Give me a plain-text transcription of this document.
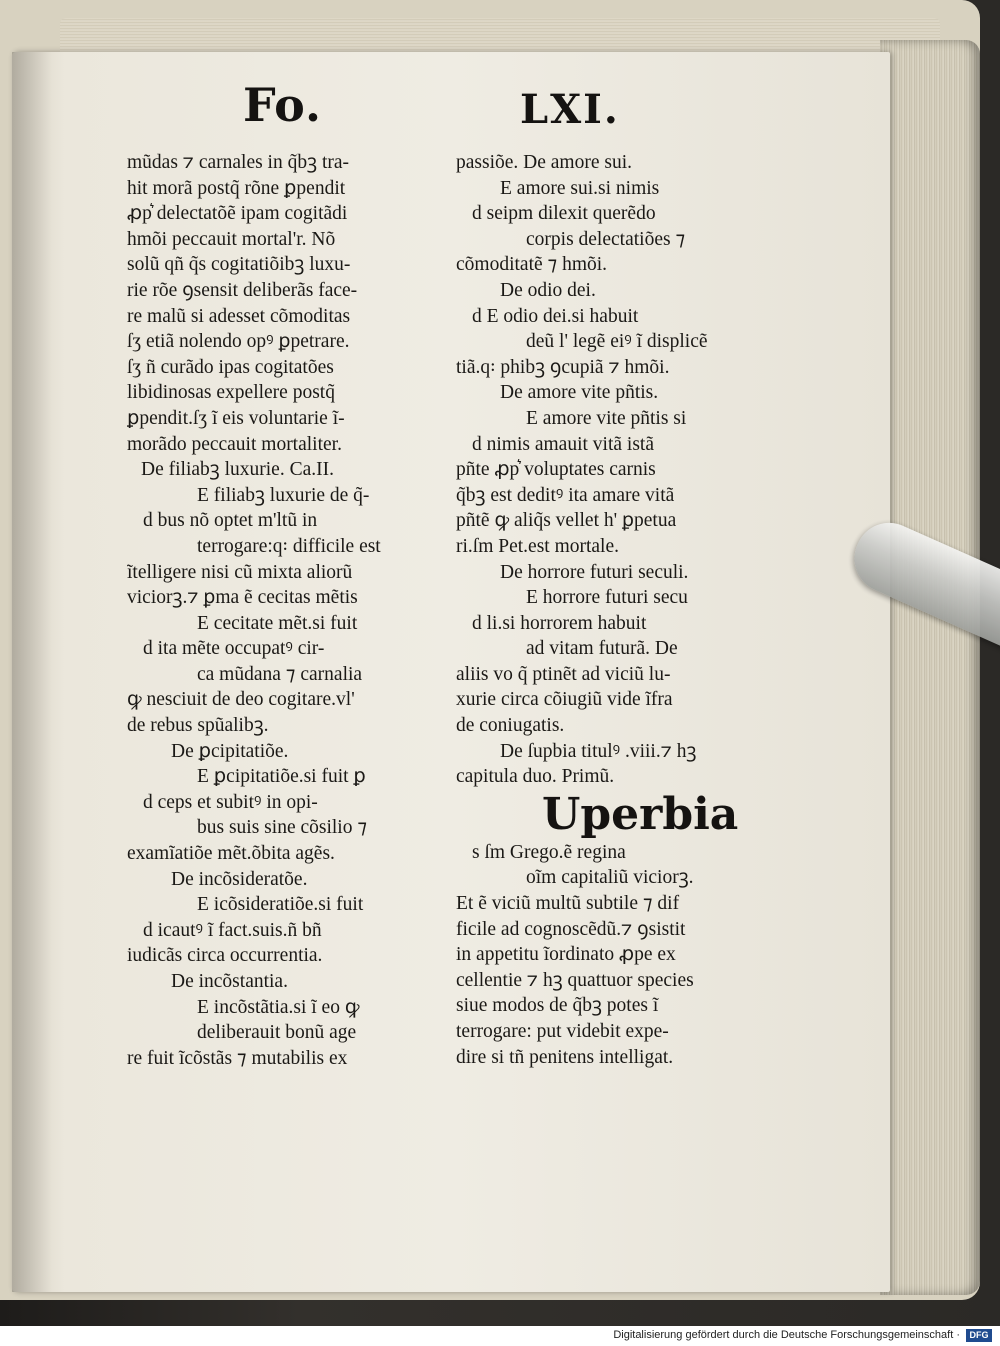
Fo.	LXI.
mũdas ⁊ carnales in q̃bꝫ tra-
hit morã postq̃ rõne ꝑpendit
ꝓp͛ delectatõẽ ipam cogitãdi
hmõi peccauit mortal'r. Nõ
solũ qñ q̃s cogitatiõibꝫ luxu-
rie rõe ꝯsensit deliberãs face-
re malũ si adesset cõmoditas
ſʒ etiã nolendo opꝰ ꝑpetrare.
ſʒ ñ curãdo ipas cogitatões
libidinosas expellere postq̃
ꝑpendit.ſʒ ĩ eis voluntarie ĩ-
morãdo peccauit mortaliter.
De filiabꝫ luxurie. Ca.II.
E filiabꝫ luxurie de q̃-
d bus nõ optet m'ltũ in
terrogare:q꞉ difficile est
ĩtelligere nisi cũ mixta aliorũ
viciorꝫ.⁊ ꝑma ẽ cecitas mẽtis
E cecitate mẽt.si fuit
d ita mẽte occupatꝰ cir-
ca mũdana ⁊ carnalia
ꝙ nesciuit de deo cogitare.vl'
de rebus spũalibꝫ.
De ꝑcipitatiõe.
E ꝑcipitatiõe.si fuit ꝑ
d ceps et subitꝰ in opi-
bus suis sine cõsilio ⁊
examĩatiõe mẽt.õbita agẽs.
De incõsideratõe.
E icõsideratiõe.si fuit
d icautꝰ ĩ fact.suis.ñ bñ
iudicãs circa occurrentia.
De incõstantia.
E incõstãtia.si ĩ eo ꝙ
deliberauit bonũ age
re fuit ĩcõstãs ⁊ mutabilis ex
passiõe. De amore sui.
E amore sui.si nimis
d seipm dilexit querẽdo
corpis delectatiões ⁊
cõmoditatẽ ⁊ hmõi.
De odio dei.
d E odio dei.si habuit
deũ l' legẽ eiꝰ ĩ displicẽ
tiã.q꞉ phibꝫ ꝯcupiã ⁊ hmõi.
De amore vite pñtis.
E amore vite pñtis si
d nimis amauit vitã istã
pñte ꝓp͛ voluptates carnis
q̃bꝫ est deditꝰ ita amare vitã
pñtẽ ꝙ aliq̃s vellet h' ꝑpetua
ri.ſm Pet.est mortale.
De horrore futuri seculi.
E horrore futuri secu
d li.si horrorem habuit
ad vitam futurã. De
aliis vo q̃ ptinẽt ad viciũ lu-
xurie circa cõiugiũ vide ĩfra
de coniugatis.
De ſupbia titulꝰ .viii.⁊ hꝫ
capitula duo. Primũ.
Uperbia
s ſm Grego.ẽ regina
oĩm capitaliũ viciorꝫ.
Et ẽ viciũ multũ subtile ⁊ dif
ficile ad cognoscẽdũ.⁊ ꝯsistit
in appetitu ĩordinato ꝓpe ex
cellentie ⁊ hꝫ quattuor species
siue modos de q̃bꝫ potes ĩ
terrogare: put videbit expe-
dire si tñ penitens intelligat.
Digitalisierung gefördert durch die Deutsche Forschungsgemeinschaft ·	DFG
